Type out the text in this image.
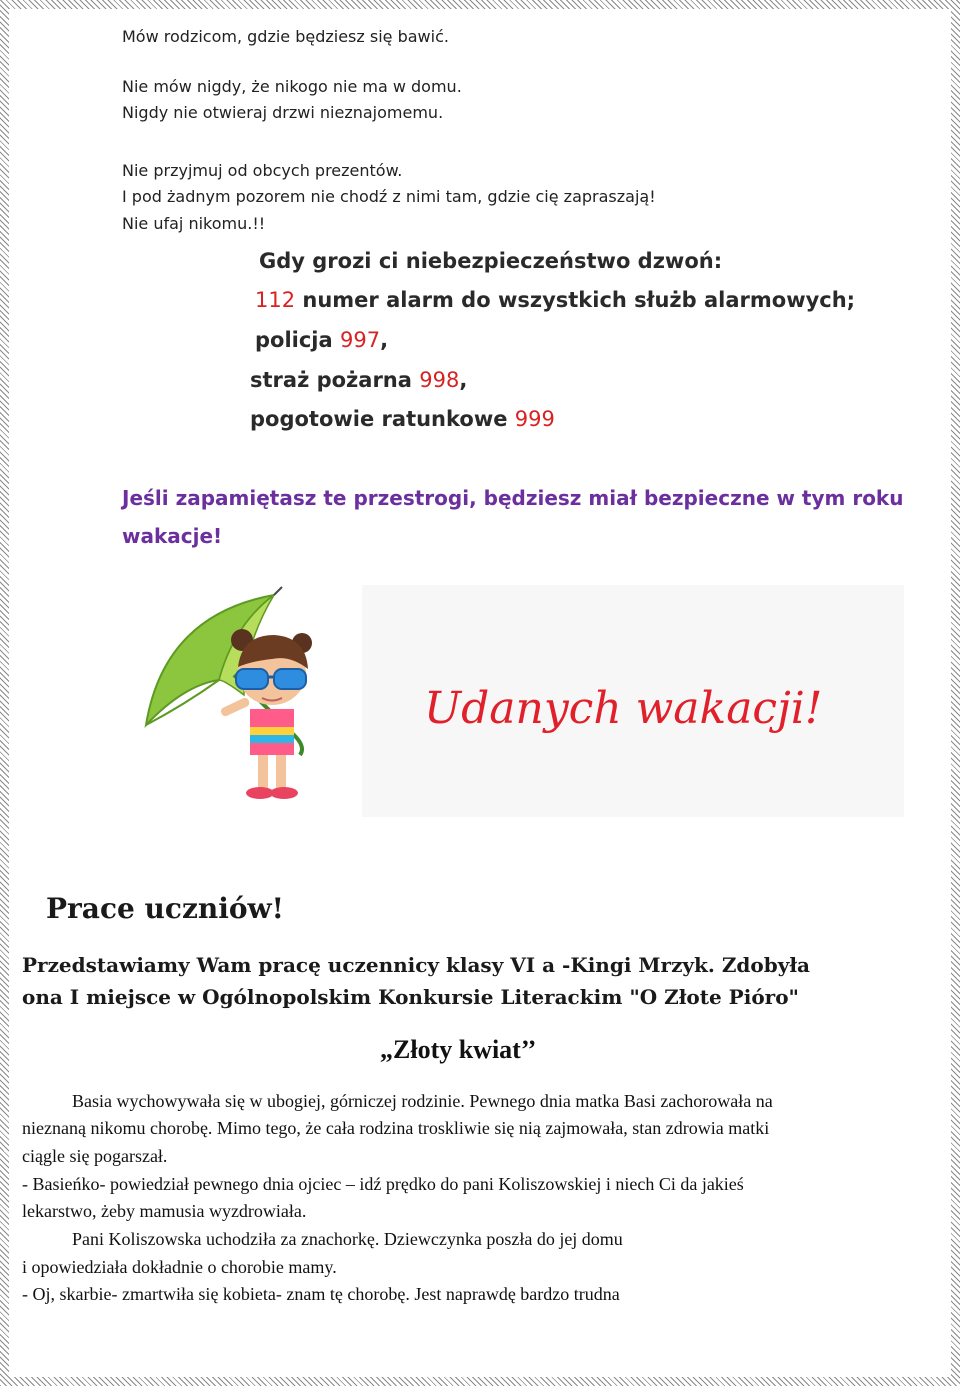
Mów rodzicom, gdzie będziesz się bawić.

Nie mów nigdy, że nikogo nie ma w domu.

Nigdy nie otwieraj drzwi nieznajomemu.

Nie przyjmuj od obcych prezentów.

I pod żadnym pozorem nie chodź z nimi tam, gdzie cię zapraszają!

Nie ufaj nikomu.!!

Gdy grozi ci niebezpieczeństwo dzwoń:

112 numer alarm do wszystkich służb alarmowych;

policja 997,

straż pożarna 998,

pogotowie ratunkowe 999

Jeśli zapamiętasz te przestrogi, będziesz miał bezpieczne w tym roku

wakacje!

Udanych wakacji!
Prace uczniów!

Przedstawiamy Wam pracę uczennicy klasy VI a -Kingi Mrzyk. Zdobyła

ona I miejsce w Ogólnopolskim Konkursie Literackim "O Złote Pióro"

„Złoty kwiat’’

Basia wychowywała się w ubogiej, górniczej rodzinie. Pewnego dnia matka Basi zachorowała na

nieznaną nikomu chorobę. Mimo tego, że cała rodzina troskliwie się nią zajmowała, stan zdrowia matki

ciągle się pogarszał.

- Basieńko- powiedział pewnego dnia ojciec – idź prędko do pani Koliszowskiej i niech Ci da jakieś

lekarstwo, żeby mamusia wyzdrowiała.

Pani Koliszowska uchodziła za znachorkę. Dziewczynka poszła do jej domu

i opowiedziała dokładnie o chorobie mamy.

- Oj, skarbie- zmartwiła się kobieta- znam tę chorobę. Jest naprawdę bardzo trudna
